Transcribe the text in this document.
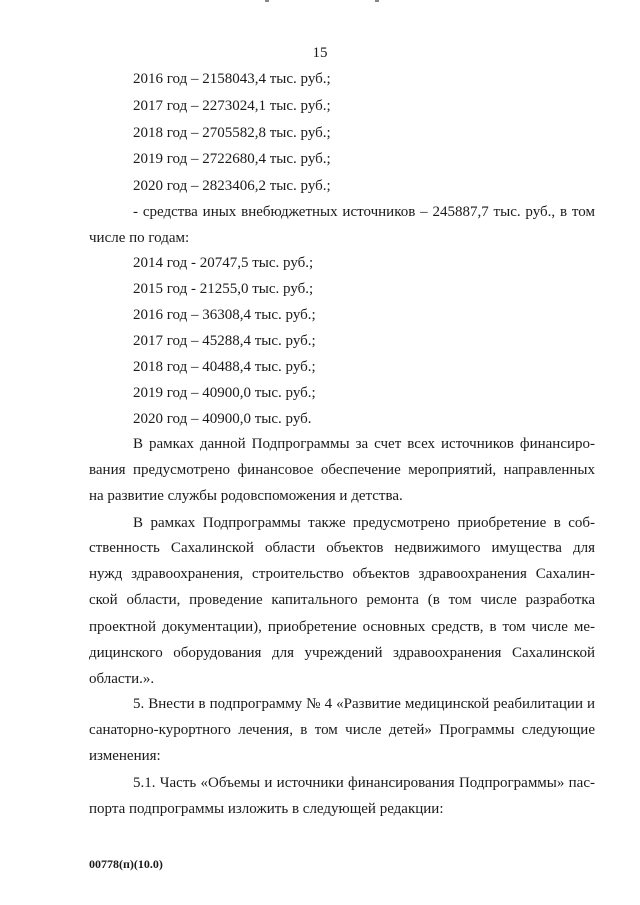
15
2016 год – 2158043,4 тыс. руб.;
2017 год – 2273024,1 тыс. руб.;
2018 год – 2705582,8 тыс. руб.;
2019 год – 2722680,4 тыс. руб.;
2020 год – 2823406,2 тыс. руб.;
- средства иных внебюджетных источников – 245887,7 тыс. руб., в том
числе по годам:
2014 год - 20747,5 тыс. руб.;
2015 год - 21255,0 тыс. руб.;
2016 год – 36308,4 тыс. руб.;
2017 год – 45288,4 тыс. руб.;
2018 год – 40488,4 тыс. руб.;
2019 год – 40900,0 тыс. руб.;
2020 год – 40900,0 тыс. руб.
В рамках данной Подпрограммы за счет всех источников финансиро-
вания предусмотрено финансовое обеспечение мероприятий, направленных
на развитие службы родовспоможения и детства.
В рамках Подпрограммы также предусмотрено приобретение в соб-
ственность Сахалинской области объектов недвижимого имущества для
нужд здравоохранения, строительство объектов здравоохранения Сахалин-
ской области, проведение капитального ремонта (в том числе разработка
проектной документации), приобретение основных средств, в том числе ме-
дицинского оборудования для учреждений здравоохранения Сахалинской
области.».
5. Внести в подпрограмму № 4 «Развитие медицинской реабилитации и
санаторно-курортного лечения, в том числе детей» Программы следующие
изменения:
5.1. Часть «Объемы и источники финансирования Подпрограммы» пас-
порта подпрограммы изложить в следующей редакции:
00778(п)(10.0)
